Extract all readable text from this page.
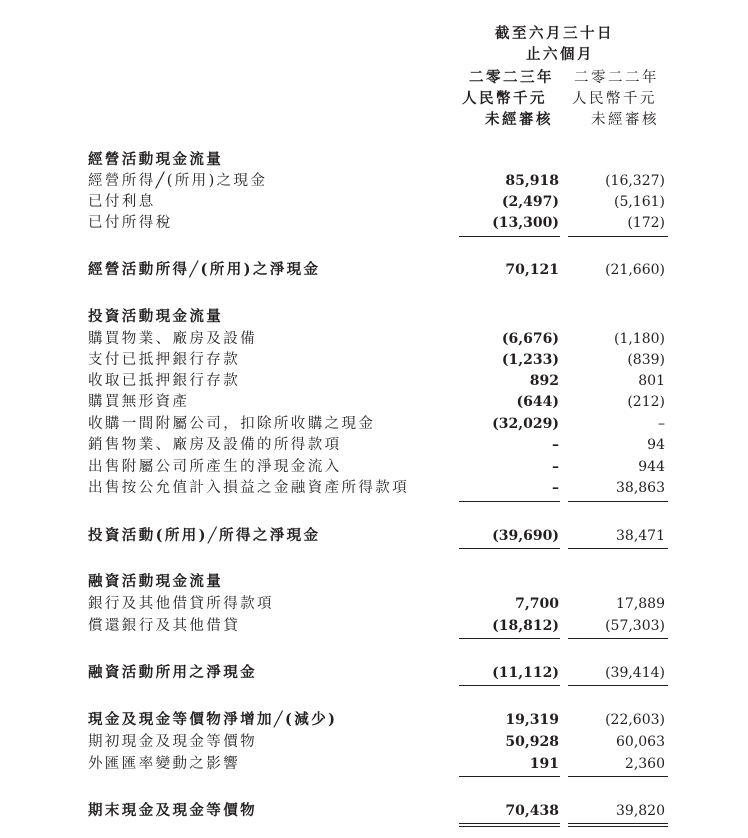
截至六月三十日
止六個月
二零二三年 二零二二年
人民幣千元 人民幣千元
未經審核	未經審核
經營活動現金流量
經營所得╱(所用)之現金	85,918	(16,327)
已付利息	(2,497)	(5,161)
已付所得稅	(13,300)	(172)
經營活動所得╱(所用)之淨現金	70,121	(21,660)
投資活動現金流量
購買物業、廠房及設備	(6,676)	(1,180)
支付已抵押銀行存款	(1,233)	(839)
收取已抵押銀行存款	892	801
購買無形資產	(644)	(212)
收購一間附屬公司，扣除所收購之現金	(32,029)	–
銷售物業、廠房及設備的所得款項	–	94
出售附屬公司所產生的淨現金流入	–	944
出售按公允值計入損益之金融資產所得款項	–	38,863
投資活動(所用)╱所得之淨現金	(39,690)	38,471
融資活動現金流量
銀行及其他借貸所得款項	7,700	17,889
償還銀行及其他借貸	(18,812)	(57,303)
融資活動所用之淨現金	(11,112)	(39,414)
現金及現金等價物淨增加╱(減少)	19,319	(22,603)
期初現金及現金等價物	50,928	60,063
外匯匯率變動之影響	191	2,360
期末現金及現金等價物	70,438	39,820
